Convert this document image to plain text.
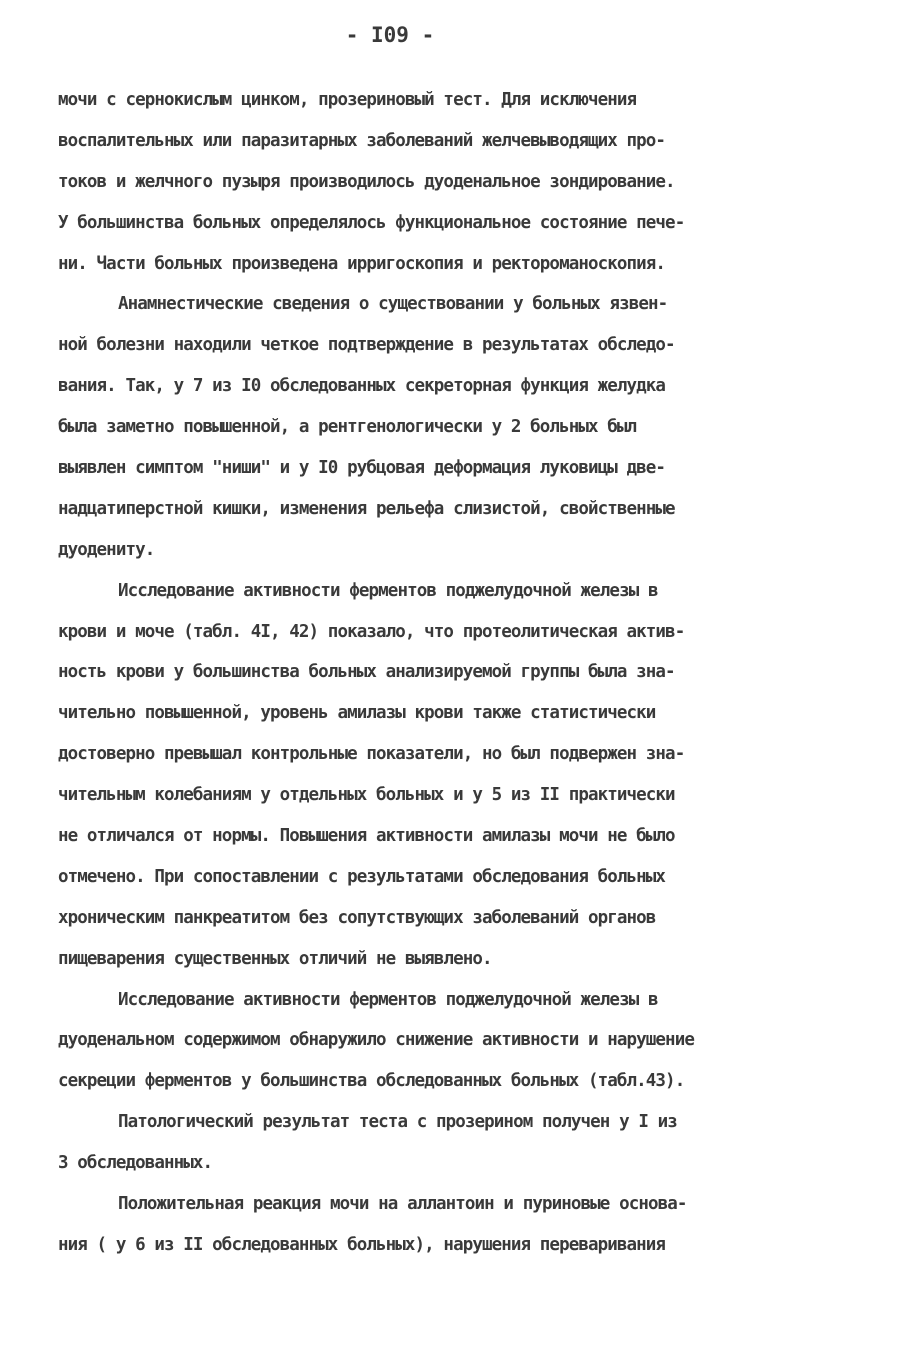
- I09 -
мочи с сернокислым цинком, прозериновый тест. Для исключения
воспалительных или паразитарных заболеваний желчевыводящих про-
токов и желчного пузыря производилось дуоденальное зондирование.
У большинства больных определялось функциональное состояние пече-
ни. Части больных произведена ирригоскопия и ректороманоскопия.
Анамнестические сведения о существовании у больных язвен-
ной болезни находили четкое подтверждение в результатах обследо-
вания. Так, у 7 из I0 обследованных секреторная функция желудка
была заметно повышенной, а рентгенологически у 2 больных был
выявлен симптом "ниши" и у I0 рубцовая деформация луковицы две-
надцатиперстной кишки, изменения рельефа слизистой, свойственные
дуодениту.
Исследование активности ферментов поджелудочной железы в
крови и моче (табл. 4I, 42) показало, что протеолитическая актив-
ность крови у большинства больных анализируемой группы была зна-
чительно повышенной, уровень амилазы крови также статистически
достоверно превышал контрольные показатели, но был подвержен зна-
чительным колебаниям у отдельных больных и у 5 из II практически
не отличался от нормы. Повышения активности амилазы мочи не было
отмечено. При сопоставлении с результатами обследования больных
хроническим панкреатитом без сопутствующих заболеваний органов
пищеварения существенных отличий не выявлено.
Исследование активности ферментов поджелудочной железы в
дуоденальном содержимом обнаружило снижение активности и нарушение
секреции ферментов у большинства обследованных больных (табл.43).
Патологический результат теста с прозерином получен у I из
3 обследованных.
Положительная реакция мочи на аллантоин и пуриновые основа-
ния ( у 6 из II обследованных больных), нарушения переваривания
